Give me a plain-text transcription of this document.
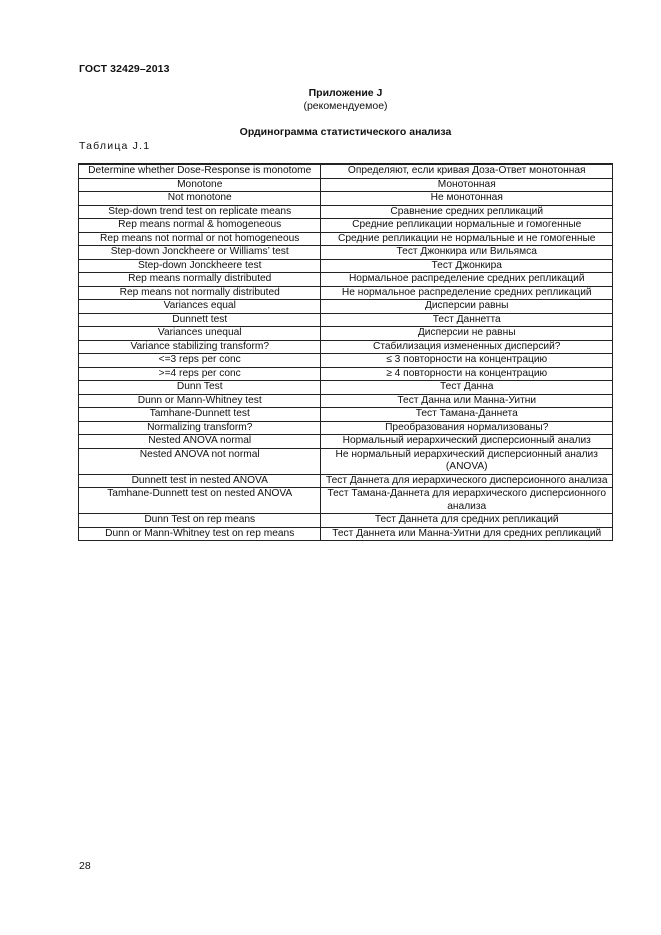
ГОСТ 32429–2013
Приложение J
(рекомендуемое)
Ординограмма статистического анализа
Таблица J.1
Determine whether Dose-Response is monotome	Определяют, если кривая Доза-Ответ монотонная
Monotone	Монотонная
Not monotone	Не монотонная
Step-down trend test on replicate means	Сравнение средних репликаций
Rep means normal & homogeneous	Средние репликации нормальные и гомогенные
Rep means not normal or not homogeneous	Средние репликации не нормальные и не гомогенные
Step-down Jonckheere or Williams’ test	Тест Джонкира или Вильямса
Step-down Jonckheere test	Тест Джонкира
Rep means normally distributed	Нормальное распределение средних репликаций
Rep means not normally distributed	Не нормальное распределение средних репликаций
Variances equal	Дисперсии равны
Dunnett test	Тест Даннетта
Variances unequal	Дисперсии не равны
Variance stabilizing transform?	Стабилизация измененных дисперсий?
<=3 reps per conc	≤ 3 повторности на концентрацию
>=4 reps per conc	≥ 4 повторности на концентрацию
Dunn Test	Тест Данна
Dunn or Mann-Whitney test	Тест Данна или Манна-Уитни
Tamhane-Dunnett test	Тест Тамана-Даннета
Normalizing transform?	Преобразования нормализованы?
Nested ANOVA normal	Нормальный иерархический дисперсионный анализ
Nested ANOVA not normal	Не нормальный иерархический дисперсионный анализ (ANOVA)
Dunnett test in nested ANOVA	Тест Даннета для иерархического дисперсионного анализа
Tamhane-Dunnett test on nested ANOVA	Тест Тамана-Даннета для иерархического дисперсионного анализа
Dunn Test on rep means	Тест Даннета для средних репликаций
Dunn or Mann-Whitney test on rep means	Тест Даннета или Манна-Уитни для средних репликаций
28
